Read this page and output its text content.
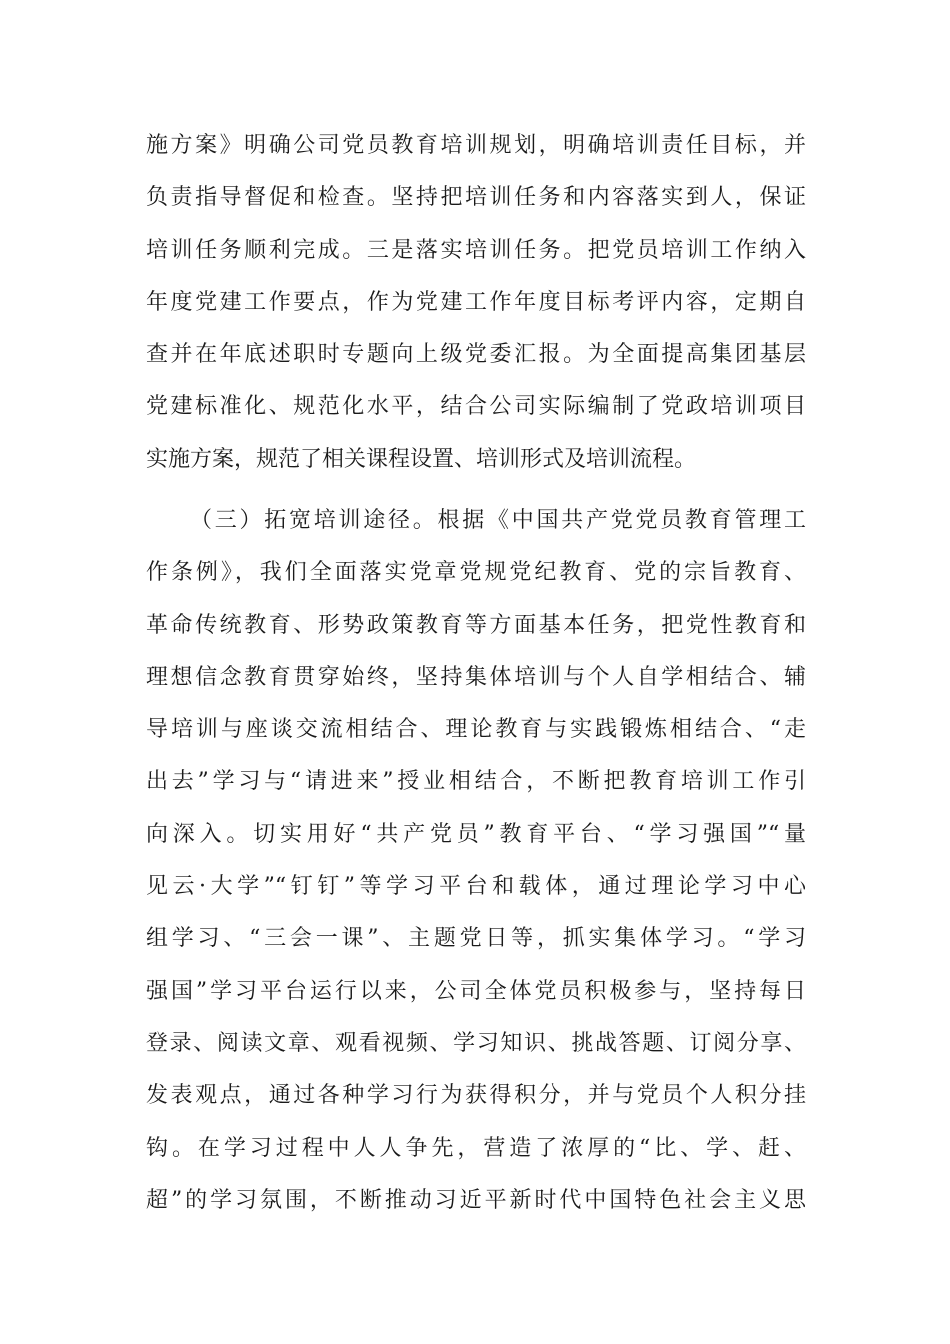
施方案》明确公司党员教育培训规划，明确培训责任目标，并
负责指导督促和检查。坚持把培训任务和内容落实到人，保证
培训任务顺利完成。三是落实培训任务。把党员培训工作纳入
年度党建工作要点，作为党建工作年度目标考评内容，定期自
查并在年底述职时专题向上级党委汇报。为全面提高集团基层
党建标准化、规范化水平，结合公司实际编制了党政培训项目
实施方案，规范了相关课程设置、培训形式及培训流程。
（三）拓宽培训途径。根据《中国共产党党员教育管理工
作条例》，我们全面落实党章党规党纪教育、党的宗旨教育、
革命传统教育、形势政策教育等方面基本任务，把党性教育和
理想信念教育贯穿始终，坚持集体培训与个人自学相结合、辅
导培训与座谈交流相结合、理论教育与实践锻炼相结合、“走
出去”学习与“请进来”授业相结合，不断把教育培训工作引
向深入。切实用好“共产党员”教育平台、“学习强国”“量
见云·大学”“钉钉”等学习平台和载体，通过理论学习中心
组学习、“三会一课”、主题党日等，抓实集体学习。“学习
强国”学习平台运行以来，公司全体党员积极参与，坚持每日
登录、阅读文章、观看视频、学习知识、挑战答题、订阅分享、
发表观点，通过各种学习行为获得积分，并与党员个人积分挂
钩。在学习过程中人人争先，营造了浓厚的“比、学、赶、
超”的学习氛围，不断推动习近平新时代中国特色社会主义思
